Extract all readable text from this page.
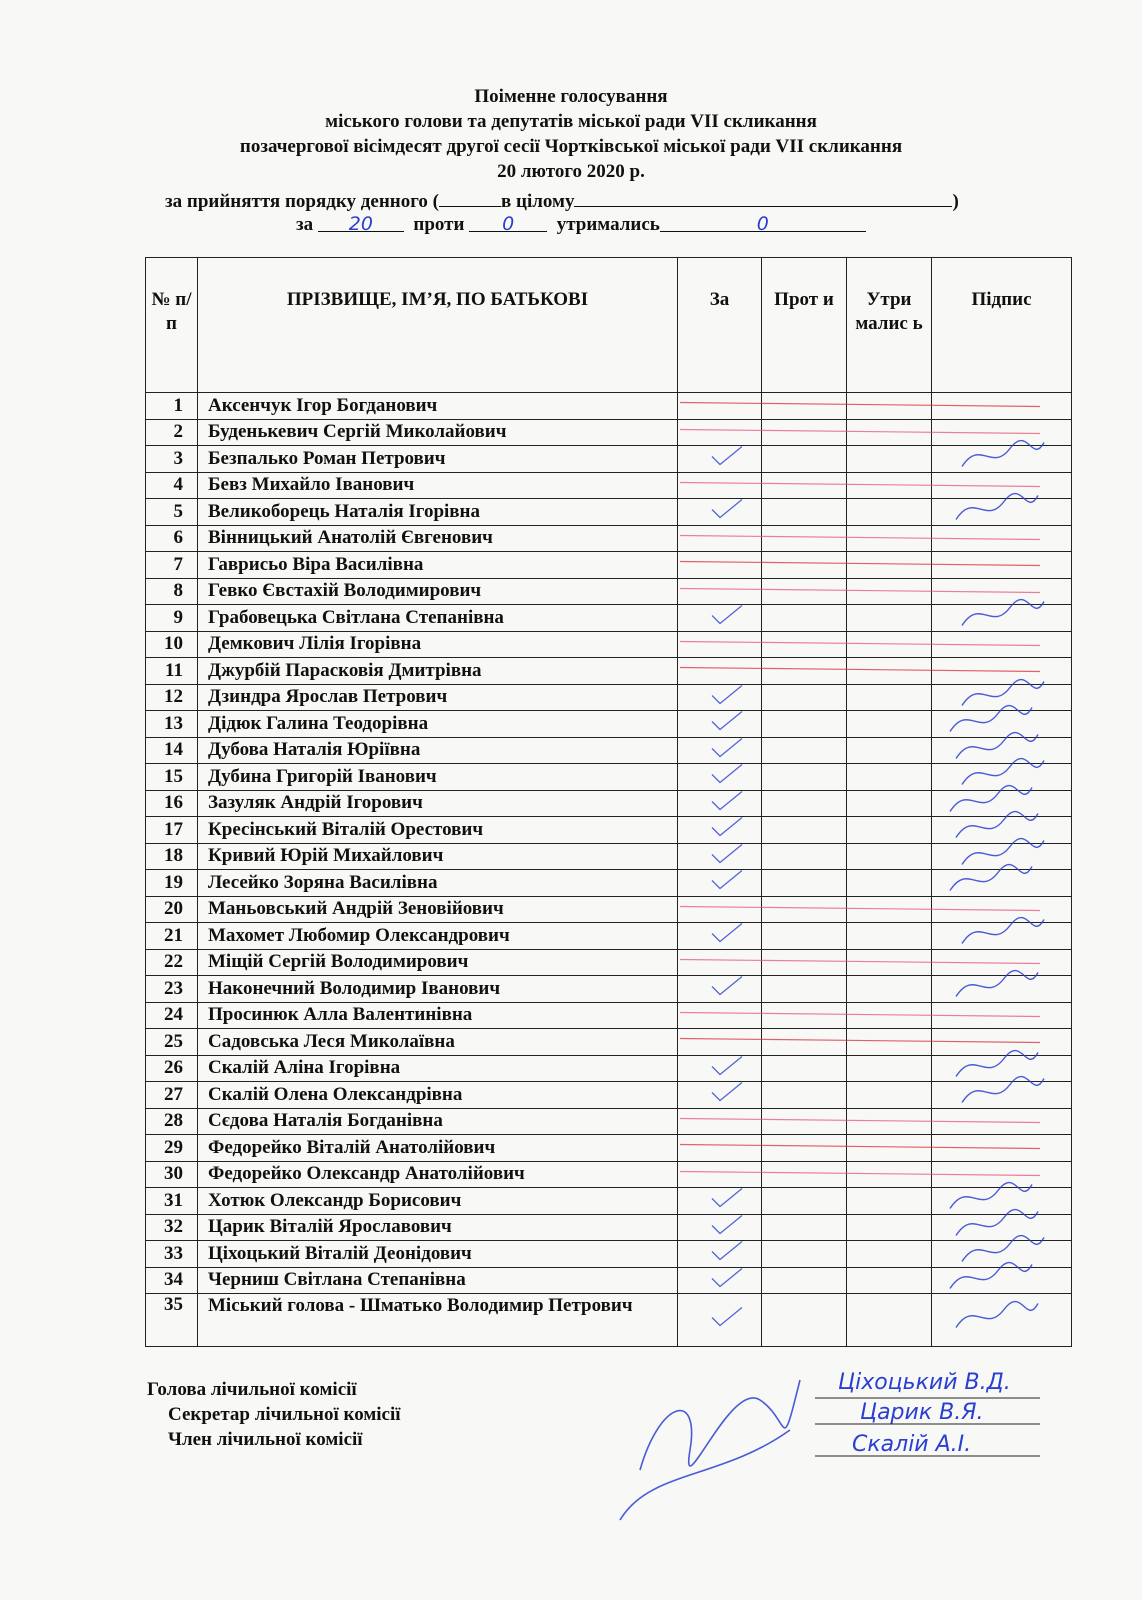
Поіменне голосування
міського голови та депутатів міської ради VII скликання
позачергової вісімдесят другої сесії Чортківської міської ради VII скликання
20 лютого 2020 р.
за прийняття порядку денного (	в цілому	)
за 20 проти 0 утримались	0
№ п/п	ПРІЗВИЩЕ, ІМ’Я, ПО БАТЬКОВІ	За	Прот и	Утри малис ь	Підпис
1	Аксенчук Ігор Богданович				
2	Буденькевич Сергій Миколайович				
3	Безпалько Роман Петрович				
4	Бевз Михайло Іванович				
5	Великоборець Наталія Ігорівна				
6	Вінницький Анатолій Євгенович				
7	Гаврисьо Віра Василівна				
8	Гевко Євстахій Володимирович				
9	Грабовецька Світлана Степанівна				
10	Демкович Лілія Ігорівна				
11	Джурбій Парасковія Дмитрівна				
12	Дзиндра Ярослав Петрович				
13	Дідюк Галина Теодорівна				
14	Дубова Наталія Юріївна				
15	Дубина Григорій Іванович				
16	Зазуляк Андрій Ігорович				
17	Кресінський Віталій Орестович				
18	Кривий Юрій Михайлович				
19	Лесейко Зоряна Василівна				
20	Маньовський Андрій Зеновійович				
21	Махомет Любомир Олександрович				
22	Міщій Сергій Володимирович				
23	Наконечний Володимир Іванович				
24	Просинюк Алла Валентинівна				
25	Садовська Леся Миколаївна				
26	Скалій Аліна Ігорівна				
27	Скалій Олена Олександрівна				
28	Сєдова Наталія Богданівна				
29	Федорейко Віталій Анатолійович				
30	Федорейко Олександр Анатолійович				
31	Хотюк Олександр Борисович				
32	Царик Віталій Ярославович				
33	Ціхоцький Віталій Деонідович				
34	Черниш Світлана Степанівна				
35	Міський голова - Шматько Володимир Петрович				
Голова лічильної комісії
Секретар лічильної комісії
Член лічильної комісії
Ціхоцький В.Д.
Царик В.Я.
Скалій А.І.
